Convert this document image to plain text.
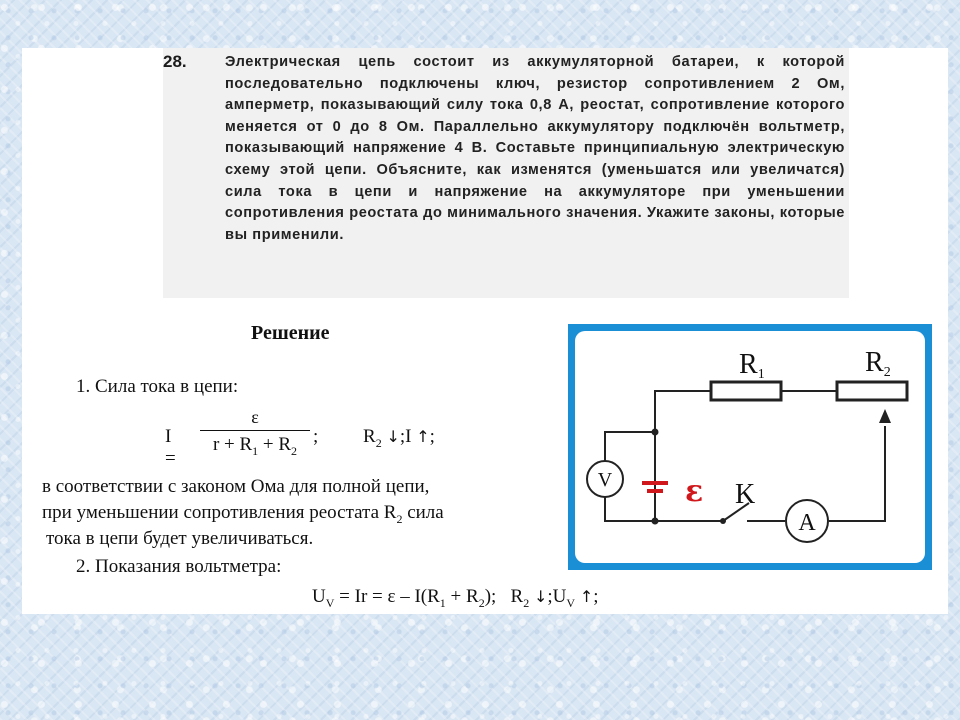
28.	Электрическая цепь состоит из аккумуляторной батареи, к которой последовательно подключены ключ, резистор сопротивлением 2 Ом, амперметр, показывающий силу тока 0,8 А, реостат, сопротивление которого меняется от 0 до 8 Ом. Параллельно аккумулятору подключён вольтметр, показывающий напряжение 4 В. Составьте принципиальную электрическую схему этой цепи. Объясните, как изменятся (уменьшатся или увеличатся) сила тока в цепи и напряжение на аккумуляторе при уменьшении сопротивления реостата до минимального значения. Укажите законы, которые вы применили.
Решение
1. Сила тока в цепи:
I =
ε
$r + R_1 + R_2$
; $R_2$ ↓;I ↑;
в соответствии с законом Ома для полной цепи,
при уменьшении сопротивления реостата $R_2$ сила
тока в цепи будет увеличиваться.
2. Показания вольтметра:
$U_V = Ir = \varepsilon - I(R_1 + R_2)$; $R_2$ $↓;U_V$ ↑;
V
A
R1	R2
ε K
